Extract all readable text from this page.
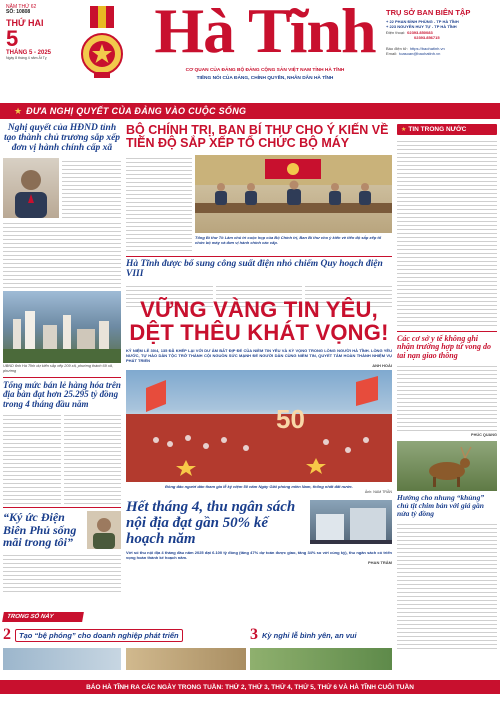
NĂM THỨ 62
SỐ: 10808
THỨ HAI
5
THÁNG 5 - 2025
Ngày 8 tháng 4 năm Ất Tỵ	Hà Tĩnh
CƠ QUAN CỦA ĐẢNG BỘ ĐẢNG CỘNG SẢN VIỆT NAM TỈNH HÀ TĨNH
TIẾNG NÓI CỦA ĐẢNG, CHÍNH QUYỀN, NHÂN DÂN HÀ TĨNH
TRỤ SỞ BAN BIÊN TẬP
+ 22 PHAN ĐÌNH PHÙNG - TP HÀ TĨNH
+ 223 NGUYỄN HUY TỰ - TP HÀ TĨNH
Điện thoại: 02393.850083
02393.856715
Báo điện tử: https://baohatinh.vn
Email: toasoan@baohatinh.vn
★ ĐƯA NGHỊ QUYẾT CỦA ĐẢNG VÀO CUỘC SỐNG
Nghị quyết của HĐND tỉnh tạo thành chủ trương sắp xếp đơn vị hành chính cấp xã
UBND tỉnh Hà Tĩnh dự kiến sắp xếp 209 xã, phường thành 69 xã, phường
Tổng mức bán lẻ hàng hóa trên địa bàn đạt hơn 25.295 tỷ đồng trong 4 tháng đầu năm
“Ký ức Điện Biên Phủ sống mãi trong tôi”
BỘ CHÍNH TRỊ, BAN BÍ THƯ CHO Ý KIẾN VỀ TIẾN ĐỘ SẮP XẾP TỔ CHỨC BỘ MÁY
Tổng Bí thư Tô Lâm chủ trì cuộc họp của Bộ Chính trị, Ban Bí thư cho ý kiến về tiến độ sắp xếp tổ chức bộ máy và đơn vị hành chính các cấp.
Hà Tĩnh được bổ sung công suất điện nhỏ chiếm Quy hoạch điện VIII
VỮNG VÀNG TIN YÊU,
DỆT THÊU KHÁT VỌNG!
KỶ NIỆM LỄ 30/4, 135 ĐÃ KHÉP LẠI VỚI DƯ ÂM BẤT ĐỊP ĐỂ CỦA NIỀM TIN YÊU VÀ KỲ VỌNG TRONG LÒNG NGƯỜI HÀ TĨNH. LÒNG YÊU NƯỚC, TỰ HÀO DÂN TỘC TRỞ THÀNH CỘI NGUỒN SỨC MẠNH ĐỂ NGƯỜI DÂN CÙNG NIỀM TIN, QUYẾT TÂM HOÀN THÀNH NHIỆM VỤ PHÁT TRIỂN
ANH HOÀI
50
Đông đảo người dân tham gia lễ kỷ niệm 50 năm Ngày Giải phóng miền Nam, thống nhất đất nước.
Ảnh: NAM TRẦN
Hết tháng 4, thu ngân sách nội địa đạt gần 50% kế hoạch năm
Với số thu nội địa 4 tháng đầu năm 2025 đạt 6.100 tỷ đồng (tăng 47% dự toán được giao, tăng 34% so với cùng kỳ), thu ngân sách có triển vọng hoàn thành kế hoạch năm.
PHAN TRÂM
★ TIN TRONG NƯỚC
Các cơ sở y tế không ghi nhận trường hợp tử vong do tai nạn giao thông
PHÚC QUANG
Hướng cho nhung “khủng” chủ tịt chim bản với giá gần nửa tỷ đồng
TRONG SỐ NÀY
2	Tạo “bệ phóng” cho doanh nghiệp phát triển	3 Kỳ nghỉ lễ bình yên, an vui
BÁO HÀ TĨNH RA CÁC NGÀY TRONG TUẦN: THỨ 2, THỨ 3, THỨ 4, THỨ 5, THỨ 6 VÀ HÀ TĨNH CUỐI TUẦN
